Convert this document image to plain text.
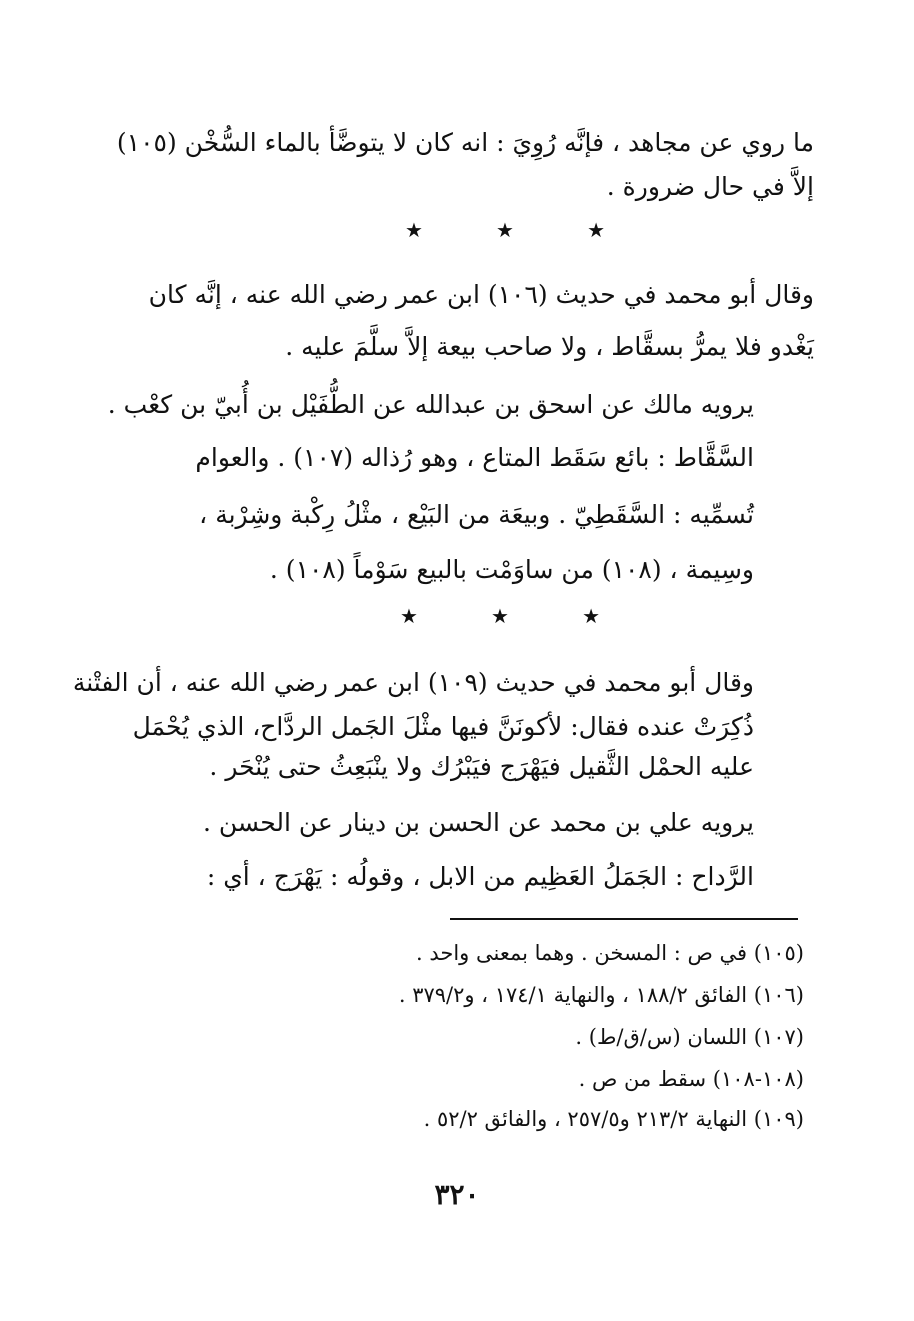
ما روي عن مجاهد ، فإنَّه رُوِيَ : انه كان لا يتوضَّأ بالماء السُّخْن (١٠٥)
إلاَّ في حال ضرورة .
★	★	★
وقال أبو محمد في حديث (١٠٦) ابن عمر رضي الله عنه ، إنَّه كان
يَغْدو فلا يمرُّ بسقَّاط ، ولا صاحب بيعة إلاَّ سلَّمَ عليه .
يرويه مالك عن اسحق بن عبدالله عن الطُّفَيْل بن أُبيّ بن كعْب .
السَّقَّاط : بائع سَقَط المتاع ، وهو رُذاله (١٠٧) . والعوام
تُسمِّيه : السَّقَطِيّ . وبيعَة من البَيْع ، مثْلُ رِكْبة وشِرْبة ،
وسِيمة ، (١٠٨) من ساوَمْت بالبيع سَوْماً (١٠٨) .
★	★	★
وقال أبو محمد في حديث (١٠٩) ابن عمر رضي الله عنه ، أن الفتْنة
ذُكِرَتْ عنده فقال: لأكونَنَّ فيها مثْلَ الجَمل الردَّاح، الذي يُحْمَل
عليه الحمْل الثَّقيل فيَهْرَج فيَبْرُك ولا ينْبَعِثُ حتى يُنْحَر .
يرويه علي بن محمد عن الحسن بن دينار عن الحسن .
الرَّداح : الجَمَلُ العَظِيم من الابل ، وقولُه : يَهْرَج ، أي :
(١٠٥) في ص : المسخن . وهما بمعنى واحد .
(١٠٦) الفائق ١٨٨/٢ ، والنهاية ١٧٤/١ ، و٣٧٩/٢ .
(١٠٧) اللسان (س/ق/ط) .
(١٠٨-١٠٨) سقط من ص .
(١٠٩) النهاية ٢١٣/٢ و٢٥٧/٥ ، والفائق ٥٢/٢ .
٣٢٠
